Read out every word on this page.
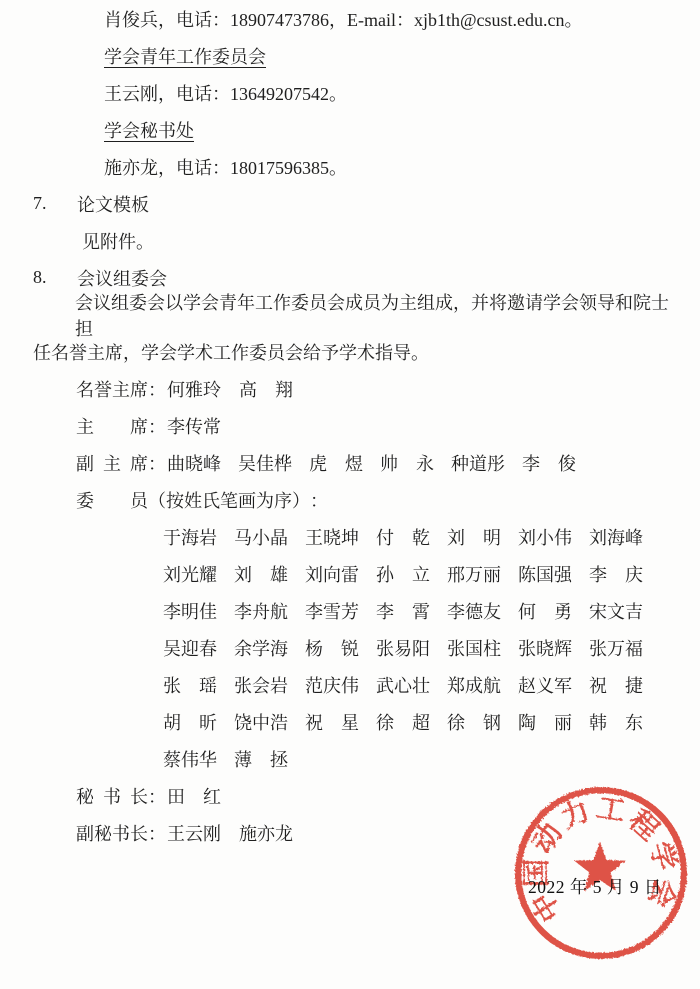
肖俊兵，电话：18907473786，E-mail：xjb1th@csust.edu.cn。
学会青年工作委员会
王云刚，电话：13649207542。
学会秘书处
施亦龙，电话：18017596385。
7.	论文模板
见附件。
8.	会议组委会
会议组委会以学会青年工作委员会成员为主组成，并将邀请学会领导和院士担
任名誉主席，学会学术工作委员会给予学术指导。
名誉主席 ： 何雅玲　高　翔
主席 ： 李传常
副主席 ： 曲晓峰 吴佳桦 虎煜 帅永 种道彤 李俊
委员 （按姓氏笔画为序） ：
于海岩 马小晶 王晓坤 付乾 刘明 刘小伟 刘海峰
刘光耀 刘雄 刘向雷 孙立 邢万丽 陈国强 李庆
李明佳 李舟航 李雪芳 李霄 李德友 何勇 宋文吉
吴迎春 余学海 杨锐 张易阳 张国柱 张晓辉 张万福
张瑶 张会岩 范庆伟 武心壮 郑成航 赵义军 祝捷
胡昕 饶中浩 祝星 徐超 徐钢 陶丽 韩东
蔡伟华 薄拯
秘书长 ： 田　红
副秘书长 ： 王云刚　施亦龙
中
国
动
力 工
程
学
会
2022 年 5 月 9 日
